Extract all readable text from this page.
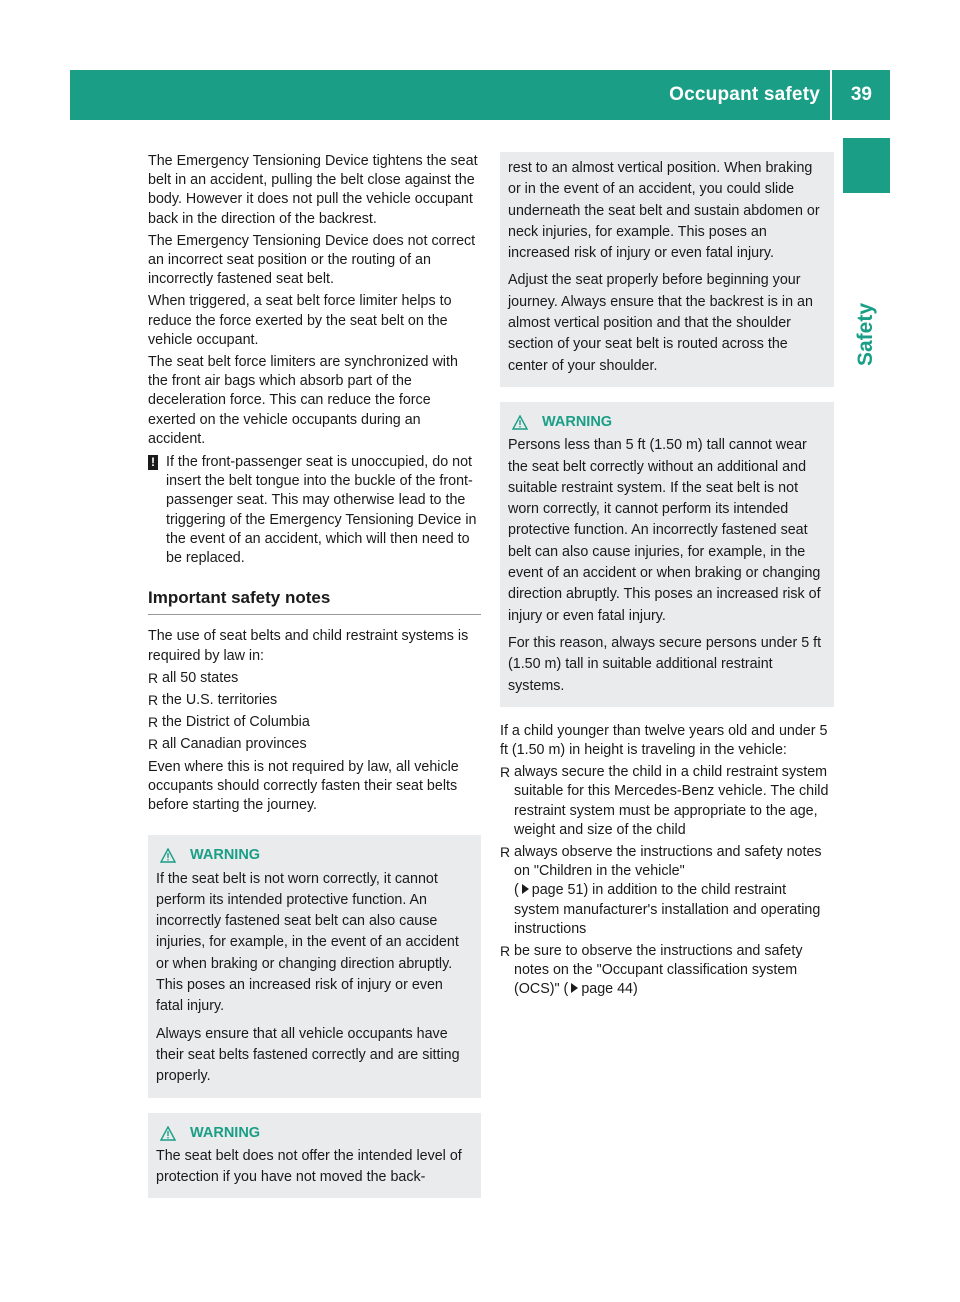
Occupant safety 39
Safety

The Emergency Tensioning Device tightens the seat belt in an accident, pulling the belt close against the body. However it does not pull the vehicle occupant back in the direction of the backrest.

The Emergency Tensioning Device does not correct an incorrect seat position or the routing of an incorrectly fastened seat belt.

When triggered, a seat belt force limiter helps to reduce the force exerted by the seat belt on the vehicle occupant.

The seat belt force limiters are synchronized with the front air bags which absorb part of the deceleration force. This can reduce the force exerted on the vehicle occupants during an accident.

! If the front-passenger seat is unoccupied, do not insert the belt tongue into the buckle of the front-passenger seat. This may otherwise lead to the triggering of the Emergency Tensioning Device in the event of an accident, which will then need to be replaced.
Important safety notes

The use of seat belts and child restraint systems is required by law in:

R all 50 states
R the U.S. territories
R the District of Columbia
R all Canadian provinces

Even where this is not required by law, all vehicle occupants should correctly fasten their seat belts before starting the journey.

WARNING

If the seat belt is not worn correctly, it cannot perform its intended protective function. An incorrectly fastened seat belt can also cause injuries, for example, in the event of an accident or when braking or changing direction abruptly. This poses an increased risk of injury or even fatal injury.

Always ensure that all vehicle occupants have their seat belts fastened correctly and are sitting properly.

WARNING

The seat belt does not offer the intended level of protection if you have not moved the back-

rest to an almost vertical position. When braking or in the event of an accident, you could slide underneath the seat belt and sustain abdomen or neck injuries, for example. This poses an increased risk of injury or even fatal injury.

Adjust the seat properly before beginning your journey. Always ensure that the backrest is in an almost vertical position and that the shoulder section of your seat belt is routed across the center of your shoulder.

WARNING

Persons less than 5 ft (1.50 m) tall cannot wear the seat belt correctly without an additional and suitable restraint system. If the seat belt is not worn correctly, it cannot perform its intended protective function. An incorrectly fastened seat belt can also cause injuries, for example, in the event of an accident or when braking or changing direction abruptly. This poses an increased risk of injury or even fatal injury.

For this reason, always secure persons under 5 ft (1.50 m) tall in suitable additional restraint systems.

If a child younger than twelve years old and under 5 ft (1.50 m) in height is traveling in the vehicle:

R always secure the child in a child restraint system suitable for this Mercedes-Benz vehicle. The child restraint system must be appropriate to the age, weight and size of the child
R always observe the instructions and safety notes on "Children in the vehicle"
( page 51) in addition to the child restraint system manufacturer's installation and operating instructions
R be sure to observe the instructions and safety notes on the "Occupant classification system (OCS)" ( page 44)
